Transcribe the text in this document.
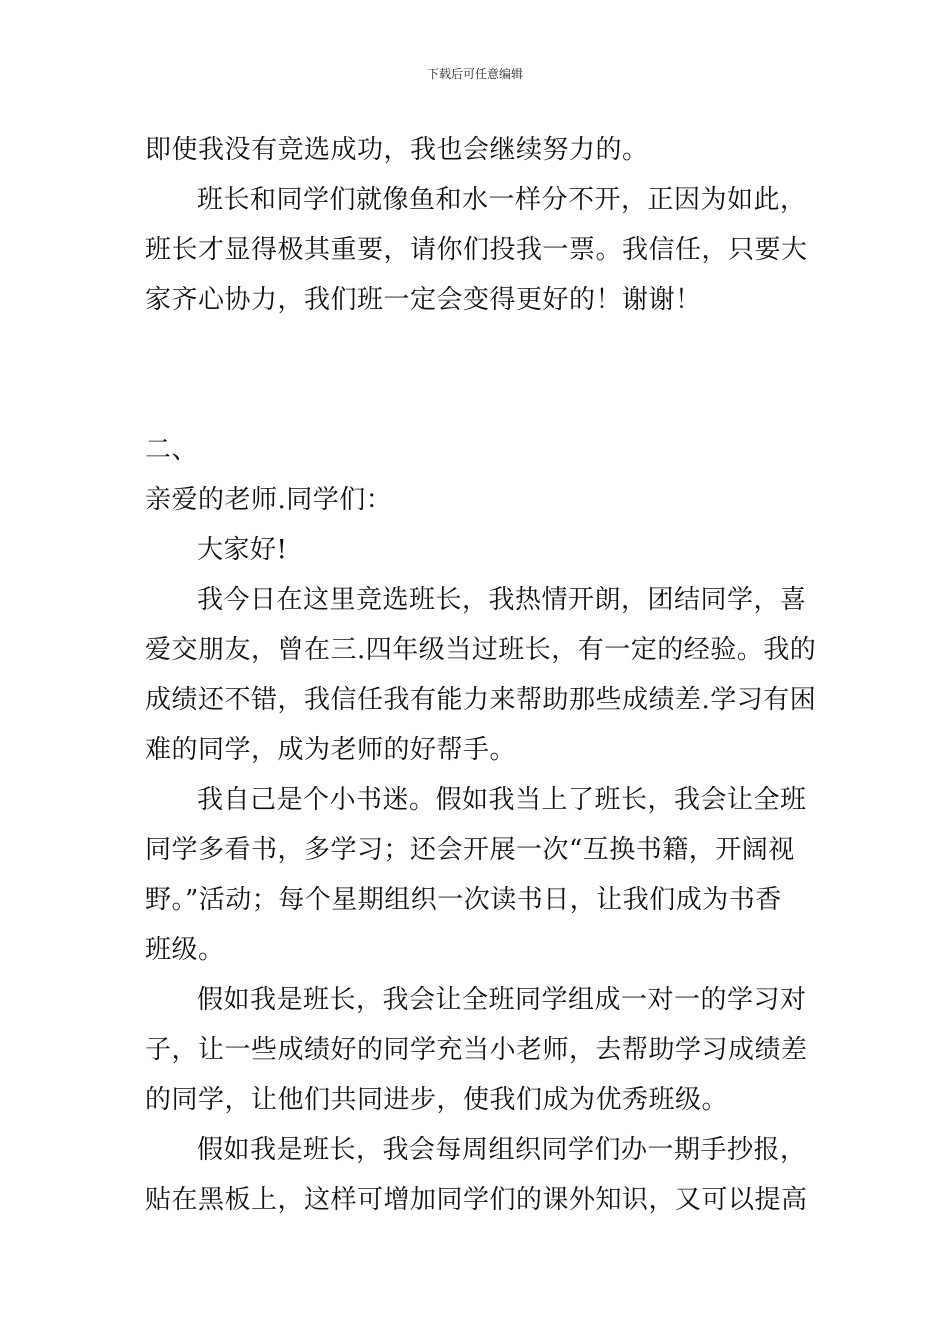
下载后可任意编辑
即使我没有竞选成功，我也会继续努力的。
班长和同学们就像鱼和水一样分不开，正因为如此，
班长才显得极其重要，请你们投我一票。我信任，只要大
家齐心协力，我们班一定会变得更好的！谢谢！
二、
亲爱的老师.同学们：
大家好!
我今日在这里竞选班长，我热情开朗，团结同学，喜
爱交朋友，曾在三.四年级当过班长，有一定的经验。我的
成绩还不错，我信任我有能力来帮助那些成绩差.学习有困
难的同学，成为老师的好帮手。
我自己是个小书迷。假如我当上了班长，我会让全班
同学多看书，多学习；还会开展一次“互换书籍，开阔视
野。”活动；每个星期组织一次读书日，让我们成为书香
班级。
假如我是班长，我会让全班同学组成一对一的学习对
子，让一些成绩好的同学充当小老师，去帮助学习成绩差
的同学，让他们共同进步，使我们成为优秀班级。
假如我是班长，我会每周组织同学们办一期手抄报，
贴在黑板上，这样可增加同学们的课外知识，又可以提高
